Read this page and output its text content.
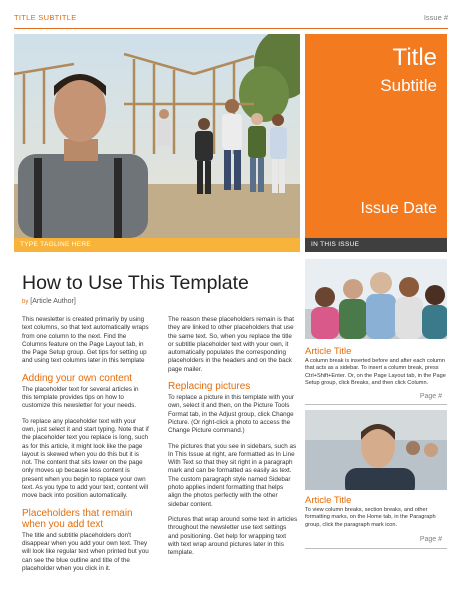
TITLE SUBTITLE	Issue #
Title
Subtitle
Issue Date
TYPE TAGLINE HERE	IN THIS ISSUE
How to Use This Template
by [Article Author]

This newsletter is created primarily by using text columns, so that text automatically wraps from one column to the next. Find the Columns feature on the Page Layout tab, in the Page Setup group. Get tips for setting up and using text columns later in this template

Adding your own content

The placeholder text for several articles in this template provides tips on how to customize this newsletter for your needs.

To replace any placeholder text with your own, just select it and start typing. Note that if the placeholder text you replace is long, such as for this article, it might look like the page layout is skewed when you do this but it is not. The content that sits lower on the page only moves up because less content is present when you begin to replace your own text. As you type to add your text, content will move back into position automatically.

Placeholders that remain when you add text

The title and subtitle placeholders don't disappear when you add your own text. They will look like regular text when printed but you can see the blue outline and title of the placeholder when you click in it.

The reason these placeholders remain is that they are linked to other placeholders that use the same text. So, when you replace the title or subtitle placeholder text with your own, it automatically populates the corresponding placeholders in the headers and on the back page mailer.

Replacing pictures

To replace a picture in this template with your own, select it and then, on the Picture Tools Format tab, in the Adjust group, click Change Picture. (Or right-click a photo to access the Change Picture command.)

The pictures that you see in sidebars, such as In This Issue at right, are formatted as In Line With Text so that they sit right in a paragraph mark and can be formatted as easily as text. The custom paragraph style named Sidebar photo applies indent formatting that helps align the photos perfectly with the other sidebar content.

Pictures that wrap around some text in articles throughout the newsletter use text settings and positioning. Get help for wrapping text with text wrap around pictures later in this template.

Article Title
A column break is inserted before and after each column that acts as a sidebar. To insert a column break, press Ctrl+Shift+Enter. Or, on the Page Layout tab, in the Page Setup group, click Breaks, and then click Column.
Page #
Article Title
To view column breaks, section breaks, and other formatting marks, on the Home tab, in the Paragraph group, click the paragraph mark icon.
Page #
